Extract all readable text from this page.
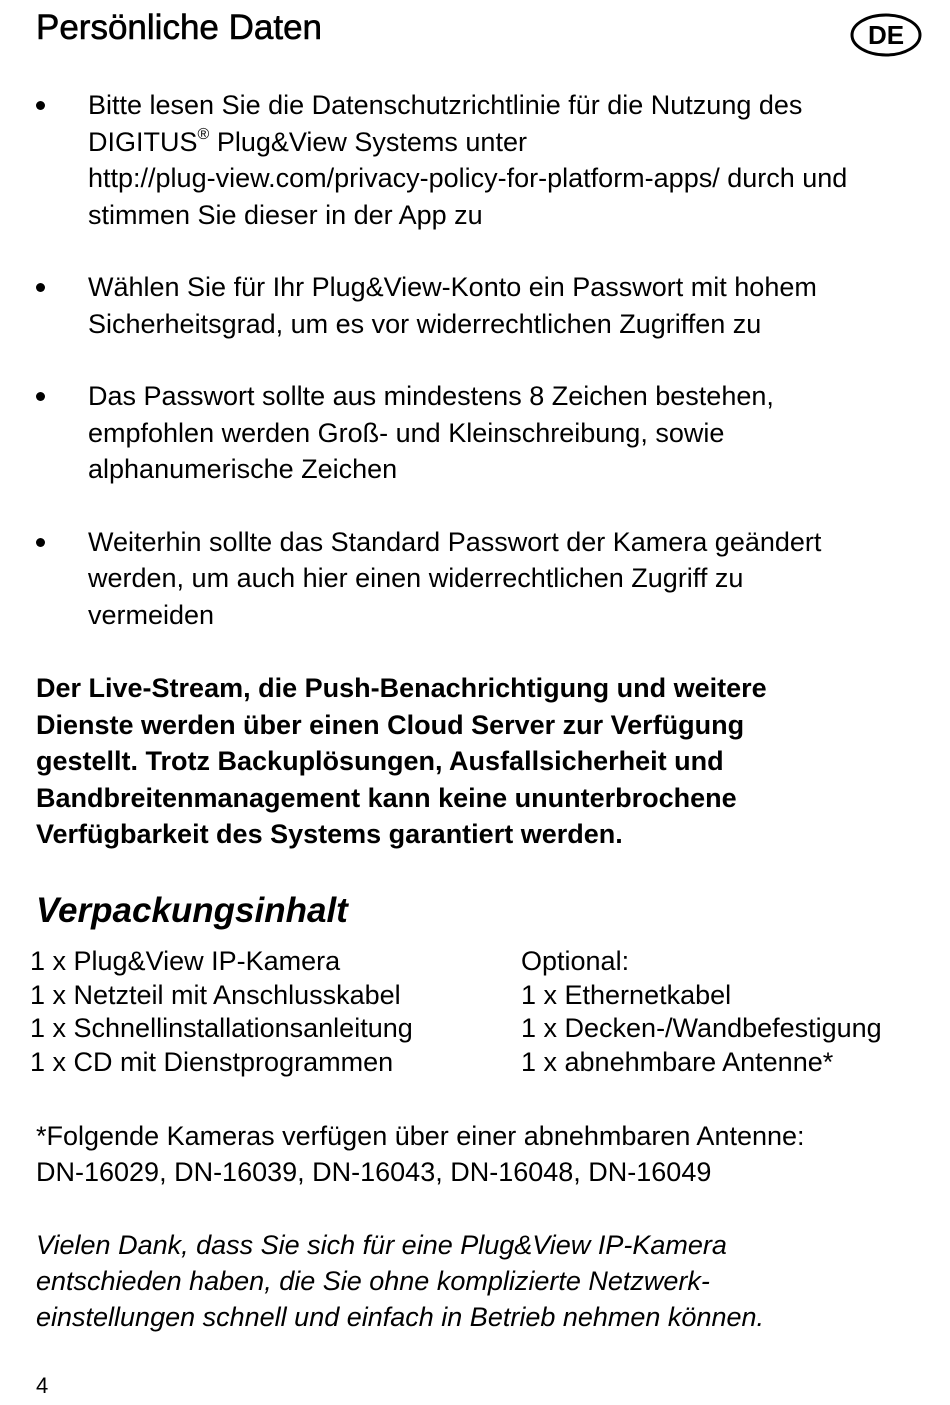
Persönliche Daten	DE
Bitte lesen Sie die Datenschutzrichtlinie für die Nutzung des
DIGITUS® Plug&View Systems unter
http://plug-view.com/privacy-policy-for-platform-apps/ durch und
stimmen Sie dieser in der App zu
Wählen Sie für Ihr Plug&View-Konto ein Passwort mit hohem
Sicherheitsgrad, um es vor widerrechtlichen Zugriffen zu
Das Passwort sollte aus mindestens 8 Zeichen bestehen,
empfohlen werden Groß- und Kleinschreibung, sowie
alphanumerische Zeichen
Weiterhin sollte das Standard Passwort der Kamera geändert
werden, um auch hier einen widerrechtlichen Zugriff zu
vermeiden
Der Live-Stream, die Push-Benachrichtigung und weitere
Dienste werden über einen Cloud Server zur Verfügung
gestellt. Trotz Backuplösungen, Ausfallsicherheit und
Bandbreitenmanagement kann keine ununterbrochene
Verfügbarkeit des Systems garantiert werden.
Verpackungsinhalt
1 x Plug&View IP-Kamera
1 x Netzteil mit Anschlusskabel
1 x Schnellinstallationsanleitung
1 x CD mit Dienstprogrammen
Optional:
1 x Ethernetkabel
1 x Decken-/Wandbefestigung
1 x abnehmbare Antenne*
*Folgende Kameras verfügen über einer abnehmbaren Antenne:
DN-16029, DN-16039, DN-16043, DN-16048, DN-16049
Vielen Dank, dass Sie sich für eine Plug&View IP-Kamera
entschieden haben, die Sie ohne komplizierte Netzwerk-
einstellungen schnell und einfach in Betrieb nehmen können.
4
